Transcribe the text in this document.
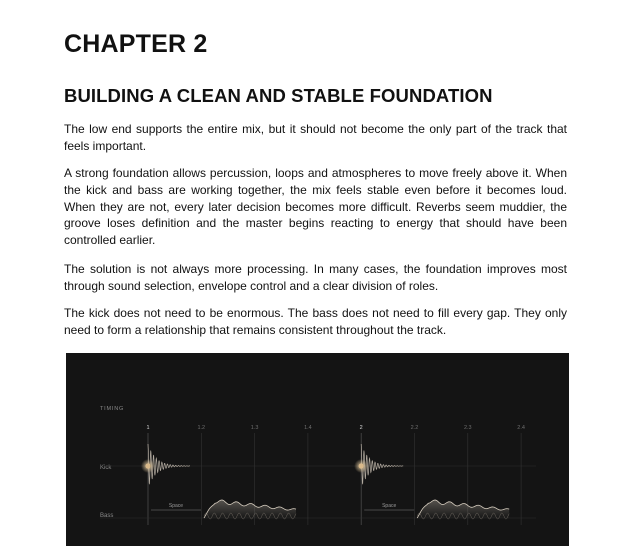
CHAPTER 2
BUILDING A CLEAN AND STABLE FOUNDATION

The low end supports the entire mix, but it should not become the only part of the track that feels important.

A strong foundation allows percussion, loops and atmospheres to move freely above it. When the kick and bass are working together, the mix feels stable even before it becomes loud. When they are not, every later decision becomes more difficult. Reverbs seem muddier, the groove loses definition and the master begins reacting to energy that should have been controlled earlier.

The solution is not always more processing. In many cases, the foundation improves most through sound selection, envelope control and a clear division of roles.

The kick does not need to be enormous. The bass does not need to fill every gap. They only need to form a relationship that remains consistent throughout the track.

TIMING
Kick
Bass
1	1.2	1.3	1.4	2	2.2	2.3	2.4
Space	Space
